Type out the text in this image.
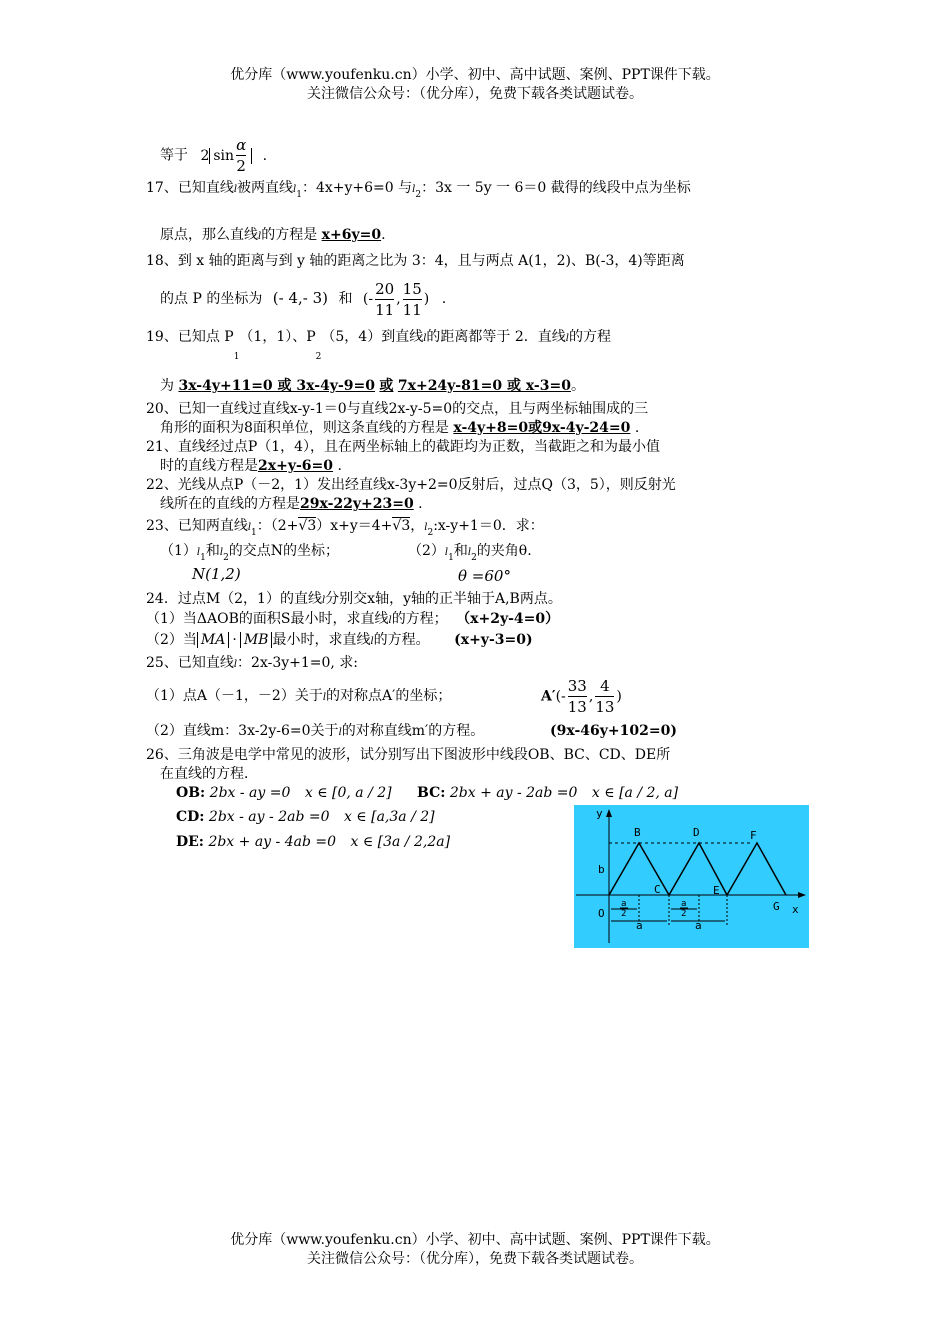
优分库（www.youfenku.cn）小学、初中、高中试题、案例、PPT课件下载。
关注微信公众号：（优分库），免费下载各类试题试卷。
等于 2 $\sin \frac{\alpha}{2}$ .
17、已知直线l被两直线$l_1$：4x+y+6=0 与$l_2$：3x 一 5y 一 6＝0 截得的线段中点为坐标
原点，那么直线l的方程是 x+6y=0.
18、到 x 轴的距离与到 y 轴的距离之比为 3：4，且与两点 A(1，2)、B(-3，4)等距离
的点 P 的坐标为 (- 4,- 3) 和 (- $\frac{20}{11}$ , $\frac{15}{11}$ ) .
19、已知点 $P_1(1$，1）、$P_2(5$，4）到直线l的距离都等于 2．直线l的方程
为 3x-4y+11=0 或 3x-4y-9=0 或 7x+24y-81=0 或 x-3=0。
20、已知一直线过直线x-y-1＝0与直线2x-y-5=0的交点，且与两坐标轴围成的三
角形的面积为8面积单位，则这条直线的方程是 x-4y+8=0或9x-4y-24=0 .
21、直线经过点P（1，4），且在两坐标轴上的截距均为正数，当截距之和为最小值
时的直线方程是2x+y-6=0 .
22、光线从点P（－2，1）发出经直线x-3y+2=0反射后，过点Q（3，5），则反射光
线所在的直线的方程是29x-22y+23=0 .
23、已知两直线$l_1$：（2+√3）x+y＝4+√3，$l_2:x-y+1=0$．求：
$(1)l_1$和$l_2$的交点N的坐标；	$(2)l_1$和$l_2$的夹角θ.
N(1,2)	θ =60°
24．过点M（2，1）的直线l分别交x轴，y轴的正半轴于A,B两点。
（1）当ΔAOB的面积S最小时，求直线l的方程； （x+2y-4=0）
（2）当 MA · MB 最小时，求直线l的方程。 (x+y-3=0)
25、已知直线l：2x-3y+1=0, 求:
（1）点A（－1，－2）关于l的对称点A′的坐标；	$A'(- \frac{33}{13}$ , $\frac{4}{13}$ )
（2）直线m：3x-2y-6=0关于l的对称直线m′的方程。	(9x-46y+102=0)
26、三角波是电学中常见的波形，试分别写出下图波形中线段OB、BC、CD、DE所
在直线的方程．
OB: 2bx - ay =0 x ∈ [0, a / 2] BC: 2bx + ay - 2ab =0 x ∈ [a / 2, a]
CD: 2bx - ay - 2ab =0 x ∈ [a,3a / 2]
DE: 2bx + ay - 4ab =0 x ∈ [3a / 2,2a]
y
x
b
O
B
C
D
E
F
G
a
2
a
a
2
a
优分库（www.youfenku.cn）小学、初中、高中试题、案例、PPT课件下载。
关注微信公众号：（优分库），免费下载各类试题试卷。
